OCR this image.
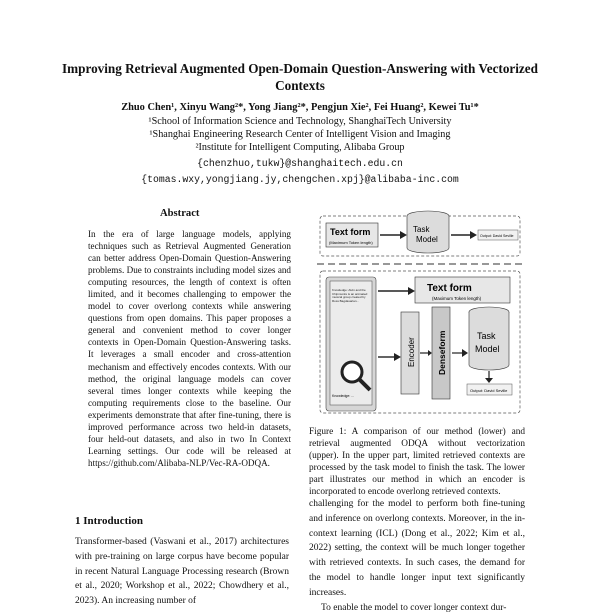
Improving Retrieval Augmented Open-Domain Question-Answering with Vectorized Contexts
Zhuo Chen¹, Xinyu Wang²*, Yong Jiang²*, Pengjun Xie², Fei Huang², Kewei Tu¹*
¹School of Information Science and Technology, ShanghaiTech University
¹Shanghai Engineering Research Center of Intelligent Vision and Imaging
²Institute for Intelligent Computing, Alibaba Group
{chenzhuo,tukw}@shanghaitech.edu.cn
{tomas.wxy,yongjiang.jy,chengchen.xpj}@alibaba-inc.com
Abstract
In the era of large language models, applying techniques such as Retrieval Augmented Generation can better address Open-Domain Question-Answering problems. Due to constraints including model sizes and computing resources, the length of context is often limited, and it becomes challenging to empower the model to cover overlong contexts while answering questions from open domains. This paper proposes a general and convenient method to cover longer contexts in Open-Domain Question-Answering tasks. It leverages a small encoder and cross-attention mechanism and effectively encodes contexts. With our method, the original language models can cover several times longer contexts while keeping the computing requirements close to the baseline. Our experiments demonstrate that after fine-tuning, there is improved performance across two held-in datasets, four held-out datasets, and also in two In Context Learning settings. Our code will be released at https://github.com/Alibaba-NLP/Vec-RA-ODQA.
1 Introduction
Transformer-based (Vaswani et al., 2017) architectures with pre-training on large corpus have become popular in recent Natural Language Processing research (Brown et al., 2020; Workshop et al., 2022; Chowdhery et al., 2023). An increasing number of
Text form
(Maximum Token length)
Task
Model	Output: David Seville
Knowledge: Alvin and the Chipmunks is an animated musical group created by Ross Bagdasarian...
Knowledge: ...
Text form
(Maximum Token length)
Encoder Denseform	Task
Model
Output: David Seville
Figure 1: A comparison of our method (lower) and retrieval augmented ODQA without vectorization (upper). In the upper part, limited retrieved contexts are processed by the task model to finish the task. The lower part illustrates our method in which an encoder is incorporated to encode overlong retrieved contexts.
challenging for the model to perform both fine-tuning and inference on overlong contexts. Moreover, in the in-context learning (ICL) (Dong et al., 2022; Kim et al., 2022) setting, the context will be much longer together with retrieved contexts. In such cases, the demand for the model to handle longer input text significantly increases.
To enable the model to cover longer context dur-
